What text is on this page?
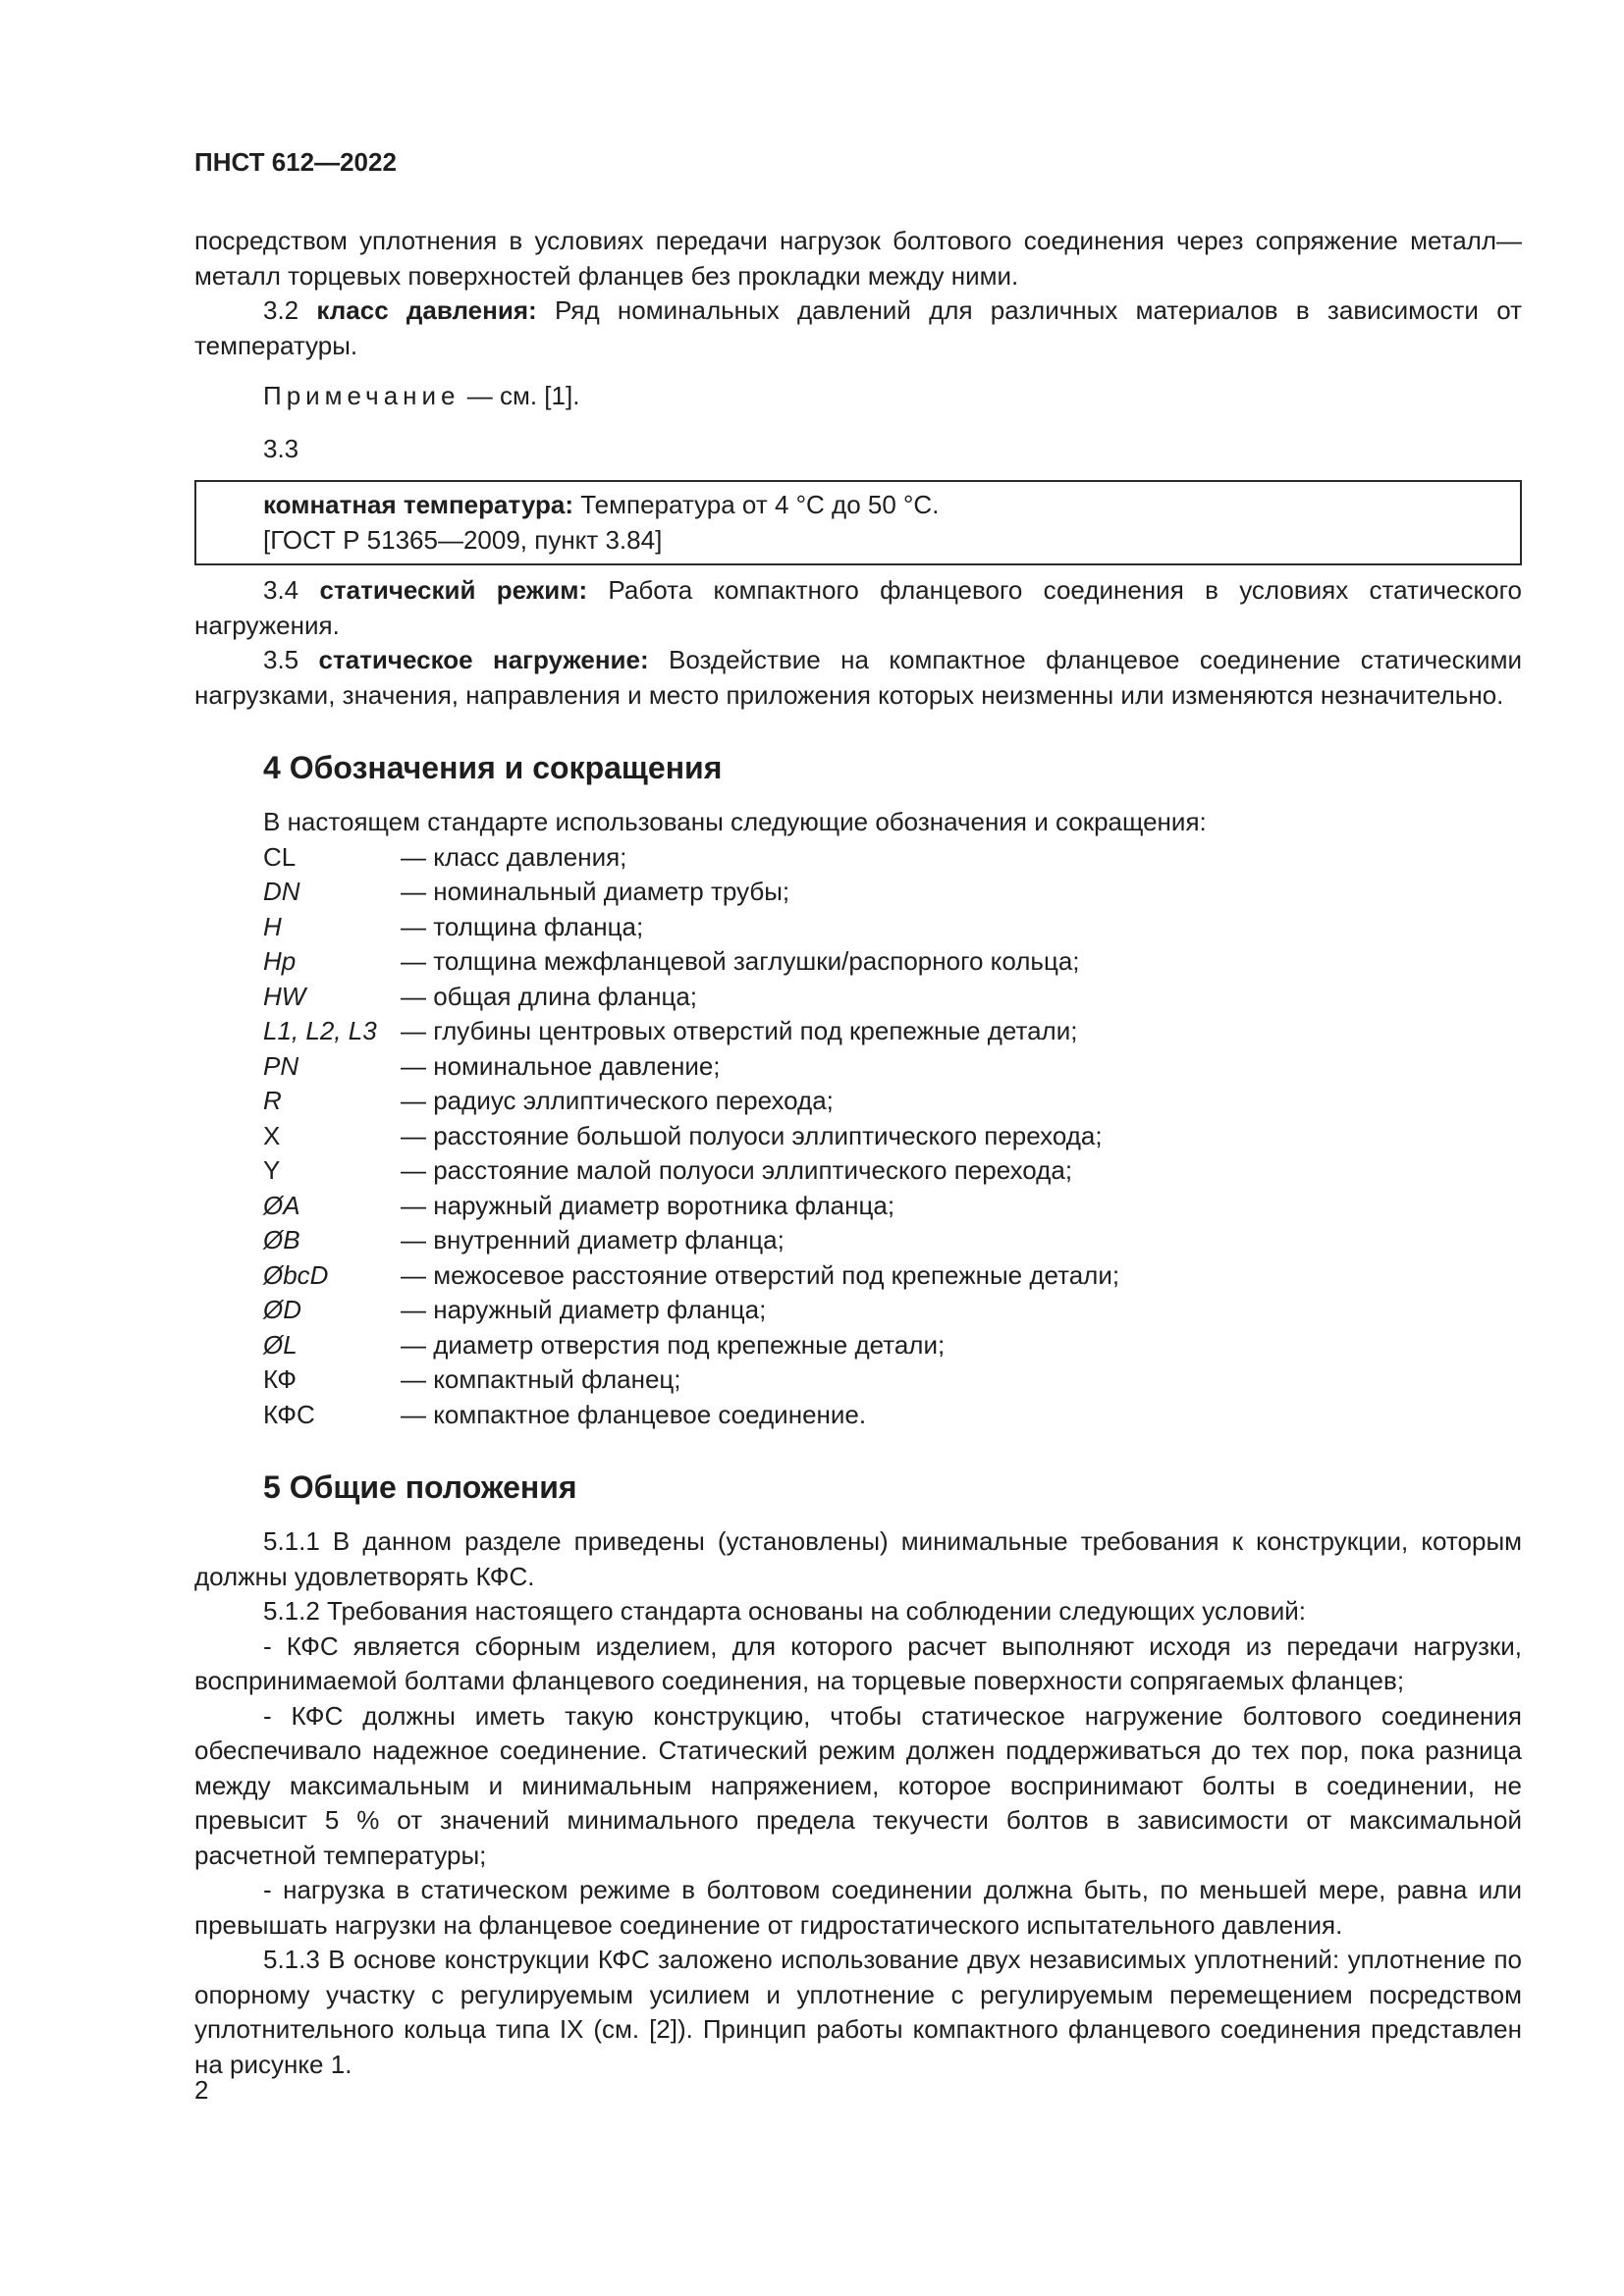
ПНСТ 612—2022

посредством уплотнения в условиях передачи нагрузок болтового соединения через сопряжение металл—металл торцевых поверхностей фланцев без прокладки между ними.

3.2 класс давления: Ряд номинальных давлений для различных материалов в зависимости от температуры.

Примечание — см. [1].

3.3

комнатная температура: Температура от 4 °C до 50 °C.

[ГОСТ Р 51365—2009, пункт 3.84]

3.4 статический режим: Работа компактного фланцевого соединения в условиях статического нагружения.

3.5 статическое нагружение: Воздействие на компактное фланцевое соединение статическими нагрузками, значения, направления и место приложения которых неизменны или изменяются незначительно.

4 Обозначения и сокращения

В настоящем стандарте использованы следующие обозначения и сокращения:

CL	— класс давления;
DN	— номинальный диаметр трубы;
H	— толщина фланца;
Hp	— толщина межфланцевой заглушки/распорного кольца;
HW	— общая длина фланца;
L1, L2, L3 — глубины центровых отверстий под крепежные детали;
PN	— номинальное давление;
R	— радиус эллиптического перехода;
X	— расстояние большой полуоси эллиптического перехода;
Y	— расстояние малой полуоси эллиптического перехода;
ØA	— наружный диаметр воротника фланца;
ØB	— внутренний диаметр фланца;
ØbcD	— межосевое расстояние отверстий под крепежные детали;
ØD	— наружный диаметр фланца;
ØL	— диаметр отверстия под крепежные детали;
КФ	— компактный фланец;
КФС	— компактное фланцевое соединение.
5 Общие положения

5.1.1 В данном разделе приведены (установлены) минимальные требования к конструкции, которым должны удовлетворять КФС.

5.1.2 Требования настоящего стандарта основаны на соблюдении следующих условий:

- КФС является сборным изделием, для которого расчет выполняют исходя из передачи нагрузки, воспринимаемой болтами фланцевого соединения, на торцевые поверхности сопрягаемых фланцев;

- КФС должны иметь такую конструкцию, чтобы статическое нагружение болтового соединения обеспечивало надежное соединение. Статический режим должен поддерживаться до тех пор, пока разница между максимальным и минимальным напряжением, которое воспринимают болты в соединении, не превысит 5 % от значений минимального предела текучести болтов в зависимости от максимальной расчетной температуры;

- нагрузка в статическом режиме в болтовом соединении должна быть, по меньшей мере, равна или превышать нагрузки на фланцевое соединение от гидростатического испытательного давления.

5.1.3 В основе конструкции КФС заложено использование двух независимых уплотнений: уплотнение по опорному участку с регулируемым усилием и уплотнение с регулируемым перемещением посредством уплотнительного кольца типа IX (см. [2]). Принцип работы компактного фланцевого соединения представлен на рисунке 1.

2
